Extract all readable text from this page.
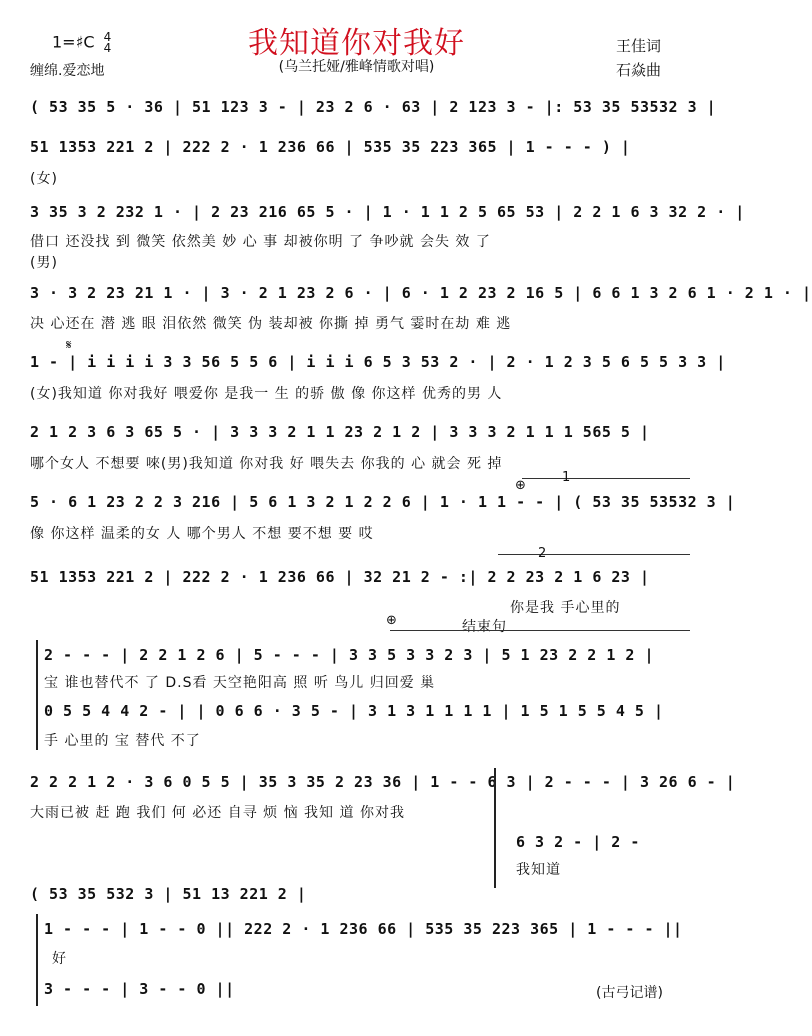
1=♯C 4
4
缠绵.爱恋地
我知道你对我好
(乌兰托娅/雅峰情歌对唱)
王佳词
石焱曲
( 53 35 5 · 36 | 51 123 3 - | 23 2 6 · 63 | 2 123 3 - |: 53 35 53532 3 |
51 1353 221 2 | 222 2 · 1 236 66 | 535 35 223 365 | 1 - - - ) |
(女)
3 35 3 2 232 1 · | 2 23 216 65 5 · | 1 · 1 1 2 5 65 53 | 2 2 1 6 3 32 2 · |
借口 还没找 到 微笑 依然美 妙 心 事 却被你明 了 争吵就 会失 效 了
(男)
3 · 3 2 23 21 1 · | 3 · 2 1 23 2 6 · | 6 · 1 2 23 2 16 5 | 6 6 1 3 2 6 1 · 2 1 · |
决 心还在 潜 逃 眼 泪依然 微笑 伪 装却被 你撕 掉 勇气 霎时在劫 难 逃
1 - | i i i i 3 3 56 5 5 6 | i i i 6 5 3 53 2 · | 2 · 1 2 3 5 6 5 5 3 3 |
(女)我知道 你对我好 喂爱你 是我一 生 的骄 傲 像 你这样 优秀的男 人
2 1 2 3 6 3 65 5 · | 3 3 3 2 1 1 23 2 1 2 | 3 3 3 2 1 1 1 565 5 |
哪个女人 不想要 唻(男)我知道 你对我 好 喂失去 你我的 心 就会 死 掉
5 · 6 1 23 2 2 3 216 | 5 6 1 3 2 1 2 2 6 | 1 · 1 1 - - | ( 53 35 53532 3 |
像 你这样 温柔的女 人 哪个男人 不想 要不想 要 哎
51 1353 221 2 | 222 2 · 1 236 66 | 32 21 2 - :| 2 2 23 2 1 6 23 |
你是我 手心里的
结束句
2 - - - | 2 2 1 2 6 | 5 - - - | 3 3 5 3 3 2 3 | 5 1 23 2 2 1 2 |
宝 谁也替代不 了 D.S看 天空艳阳高 照 听 鸟儿 归回爱 巢
0 5 5 4 4 2 - | | 0 6 6 · 3 5 - | 3 1 3 1 1 1 1 | 1 5 1 5 5 4 5 |
手 心里的 宝 替代 不了
2 2 2 1 2 · 3 6 0 5 5 | 35 3 35 2 23 36 | 1 - - 6 3 | 2 - - - | 3 26 6 - |
大雨已被 赶 跑 我们 何 必还 自寻 烦 恼 我知 道 你对我
6 3 2 - | 2 -
我知道
( 53 35 532 3 | 51 13 221 2 |
1 - - - | 1 - - 0 || 222 2 · 1 236 66 | 535 35 223 365 | 1 - - - ||
好
3 - - - | 3 - - 0 ||
𝄋
⊕
⊕
1
2
(古弓记谱)
